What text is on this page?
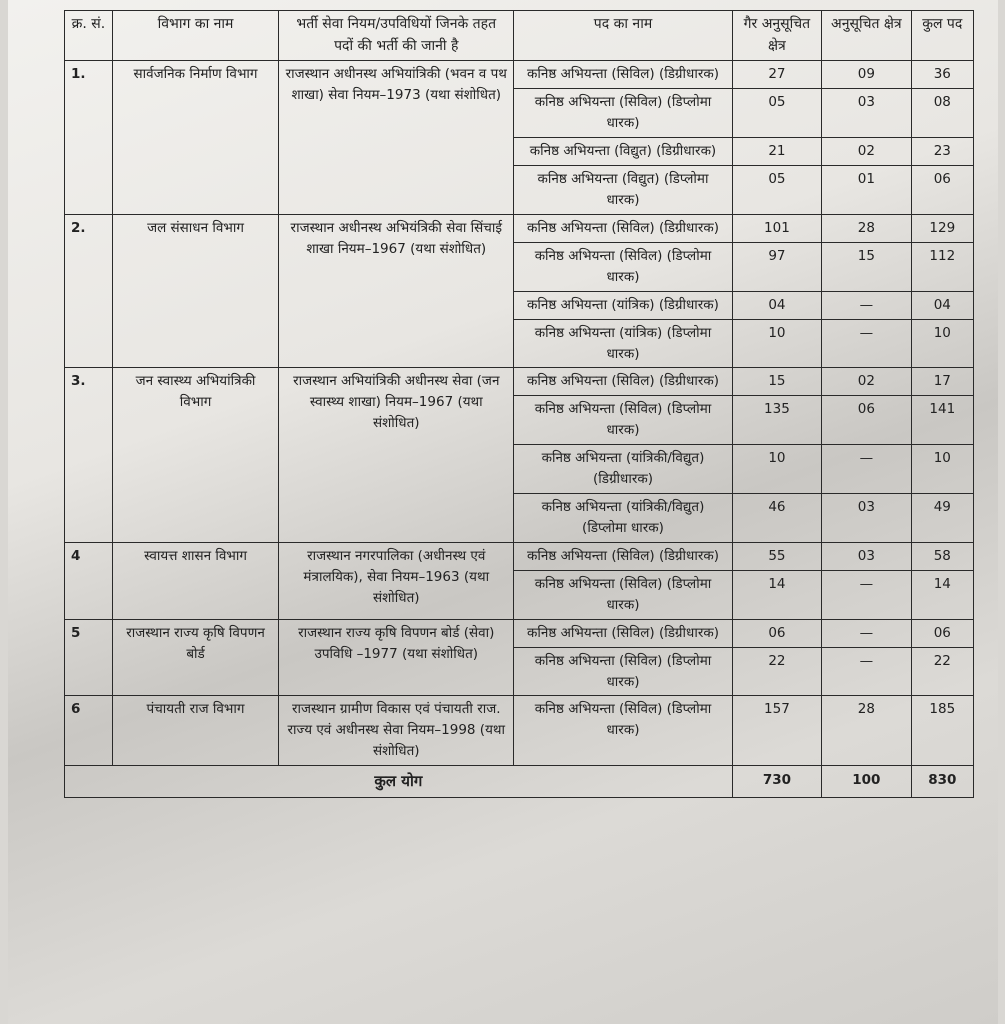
क्र. सं.	विभाग का नाम	भर्ती सेवा नियम/उपविधियों जिनके तहत पदों की भर्ती की जानी है	पद का नाम	गैर अनुसूचित क्षेत्र	अनुसूचित क्षेत्र	कुल पद
1.	सार्वजनिक निर्माण विभाग	राजस्थान अधीनस्थ अभियांत्रिकी (भवन व पथ शाखा) सेवा नियम–1973 (यथा संशोधित)	कनिष्ठ अभियन्ता (सिविल) (डिग्रीधारक)	27	09	36
			कनिष्ठ अभियन्ता (सिविल) (डिप्लोमा धारक)	05	03	08
			कनिष्ठ अभियन्ता (विद्युत) (डिग्रीधारक)	21	02	23
			कनिष्ठ अभियन्ता (विद्युत) (डिप्लोमा धारक)	05	01	06
2.	जल संसाधन विभाग	राजस्थान अधीनस्थ अभियंत्रिकी सेवा सिंचाई शाखा नियम–1967 (यथा संशोधित)	कनिष्ठ अभियन्ता (सिविल) (डिग्रीधारक)	101	28	129
			कनिष्ठ अभियन्ता (सिविल) (डिप्लोमा धारक)	97	15	112
			कनिष्ठ अभियन्ता (यांत्रिक) (डिग्रीधारक)	04	—	04
			कनिष्ठ अभियन्ता (यांत्रिक) (डिप्लोमा धारक)	10	—	10
3.	जन स्वास्थ्य अभियांत्रिकी विभाग	राजस्थान अभियांत्रिकी अधीनस्थ सेवा (जन स्वास्थ्य शाखा) नियम–1967 (यथा संशोधित)	कनिष्ठ अभियन्ता (सिविल) (डिग्रीधारक)	15	02	17
			कनिष्ठ अभियन्ता (सिविल) (डिप्लोमा धारक)	135	06	141
			कनिष्ठ अभियन्ता (यांत्रिकी/विद्युत) (डिग्रीधारक)	10	—	10
			कनिष्ठ अभियन्ता (यांत्रिकी/विद्युत) (डिप्लोमा धारक)	46	03	49
4	स्वायत्त शासन विभाग	राजस्थान नगरपालिका (अधीनस्थ एवं मंत्रालयिक), सेवा नियम–1963 (यथा संशोधित)	कनिष्ठ अभियन्ता (सिविल) (डिग्रीधारक)	55	03	58
			कनिष्ठ अभियन्ता (सिविल) (डिप्लोमा धारक)	14	—	14
5	राजस्थान राज्य कृषि विपणन बोर्ड	राजस्थान राज्य कृषि विपणन बोर्ड (सेवा) उपविधि –1977 (यथा संशोधित)	कनिष्ठ अभियन्ता (सिविल) (डिग्रीधारक)	06	—	06
			कनिष्ठ अभियन्ता (सिविल) (डिप्लोमा धारक)	22	—	22
6	पंचायती राज विभाग	राजस्थान ग्रामीण विकास एवं पंचायती राज. राज्य एवं अधीनस्थ सेवा नियम–1998 (यथा संशोधित)	कनिष्ठ अभियन्ता (सिविल) (डिप्लोमा धारक)	157	28	185
कुल योग				730	100	830
